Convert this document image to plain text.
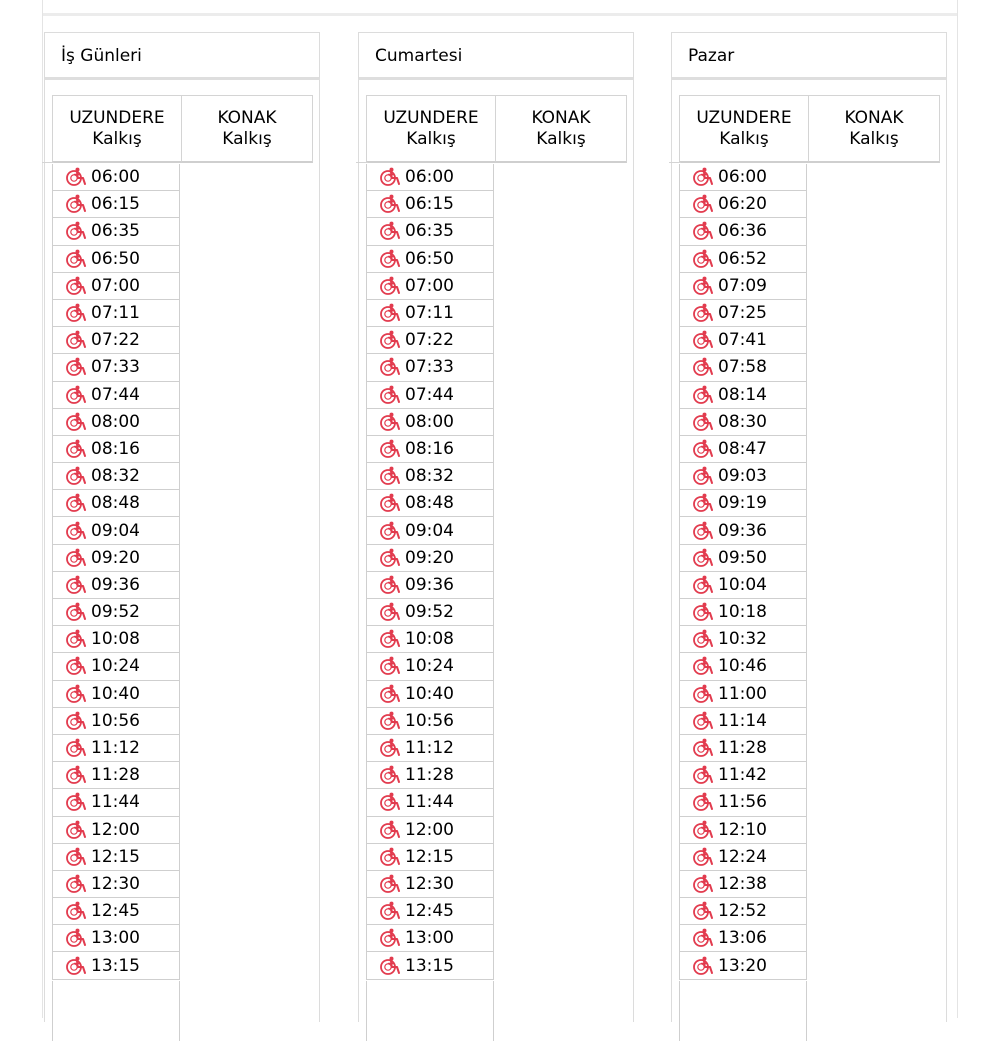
İş Günleri
UZUNDERE
Kalkış
KONAK
Kalkış
06:00
06:15
06:35
06:50
07:00
07:11
07:22
07:33
07:44
08:00
08:16
08:32
08:48
09:04
09:20
09:36
09:52
10:08
10:24
10:40
10:56
11:12
11:28
11:44
12:00
12:15
12:30
12:45
13:00
13:15
Cumartesi
UZUNDERE
Kalkış
KONAK
Kalkış
06:00
06:15
06:35
06:50
07:00
07:11
07:22
07:33
07:44
08:00
08:16
08:32
08:48
09:04
09:20
09:36
09:52
10:08
10:24
10:40
10:56
11:12
11:28
11:44
12:00
12:15
12:30
12:45
13:00
13:15
Pazar
UZUNDERE
Kalkış
KONAK
Kalkış
06:00
06:20
06:36
06:52
07:09
07:25
07:41
07:58
08:14
08:30
08:47
09:03
09:19
09:36
09:50
10:04
10:18
10:32
10:46
11:00
11:14
11:28
11:42
11:56
12:10
12:24
12:38
12:52
13:06
13:20
